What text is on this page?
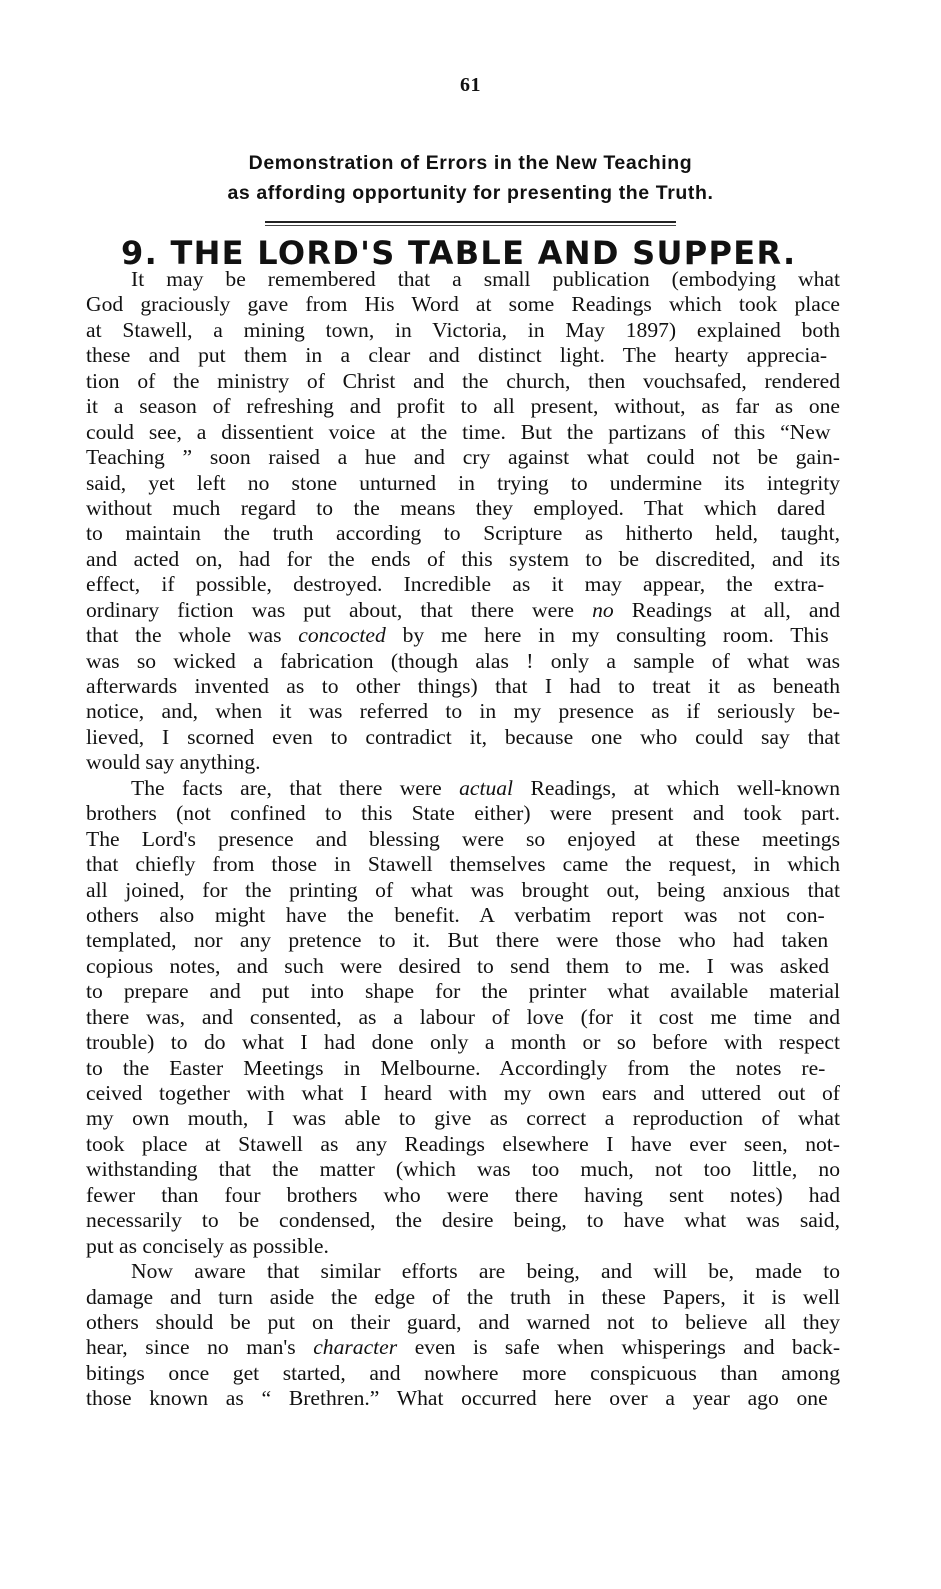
61
Demonstration of Errors in the New Teaching
as affording opportunity for presenting the Truth.
9. THE LORD'S TABLE AND SUPPER.
It may be remembered that a small publication (embodying what
God graciously gave from His Word at some Readings which took place
at Stawell, a mining town, in Victoria, in May 1897) explained both
these and put them in a clear and distinct light. The hearty apprecia-
tion of the ministry of Christ and the church, then vouchsafed, rendered
it a season of refreshing and profit to all present, without, as far as one
could see, a dissentient voice at the time. But the partizans of this “New
Teaching ” soon raised a hue and cry against what could not be gain-
said, yet left no stone unturned in trying to undermine its integrity
without much regard to the means they employed. That which dared
to maintain the truth according to Scripture as hitherto held, taught,
and acted on, had for the ends of this system to be discredited, and its
effect, if possible, destroyed. Incredible as it may appear, the extra-
ordinary fiction was put about, that there were no Readings at all, and
that the whole was concocted by me here in my consulting room. This
was so wicked a fabrication (though alas ! only a sample of what was
afterwards invented as to other things) that I had to treat it as beneath
notice, and, when it was referred to in my presence as if seriously be-
lieved, I scorned even to contradict it, because one who could say that
would say anything.
The facts are, that there were actual Readings, at which well-known
brothers (not confined to this State either) were present and took part.
The Lord's presence and blessing were so enjoyed at these meetings
that chiefly from those in Stawell themselves came the request, in which
all joined, for the printing of what was brought out, being anxious that
others also might have the benefit. A verbatim report was not con-
templated, nor any pretence to it. But there were those who had taken
copious notes, and such were desired to send them to me. I was asked
to prepare and put into shape for the printer what available material
there was, and consented, as a labour of love (for it cost me time and
trouble) to do what I had done only a month or so before with respect
to the Easter Meetings in Melbourne. Accordingly from the notes re-
ceived together with what I heard with my own ears and uttered out of
my own mouth, I was able to give as correct a reproduction of what
took place at Stawell as any Readings elsewhere I have ever seen, not-
withstanding that the matter (which was too much, not too little, no
fewer than four brothers who were there having sent notes) had
necessarily to be condensed, the desire being, to have what was said,
put as concisely as possible.
Now aware that similar efforts are being, and will be, made to
damage and turn aside the edge of the truth in these Papers, it is well
others should be put on their guard, and warned not to believe all they
hear, since no man's character even is safe when whisperings and back-
bitings once get started, and nowhere more conspicuous than among
those known as “ Brethren.” What occurred here over a year ago one
